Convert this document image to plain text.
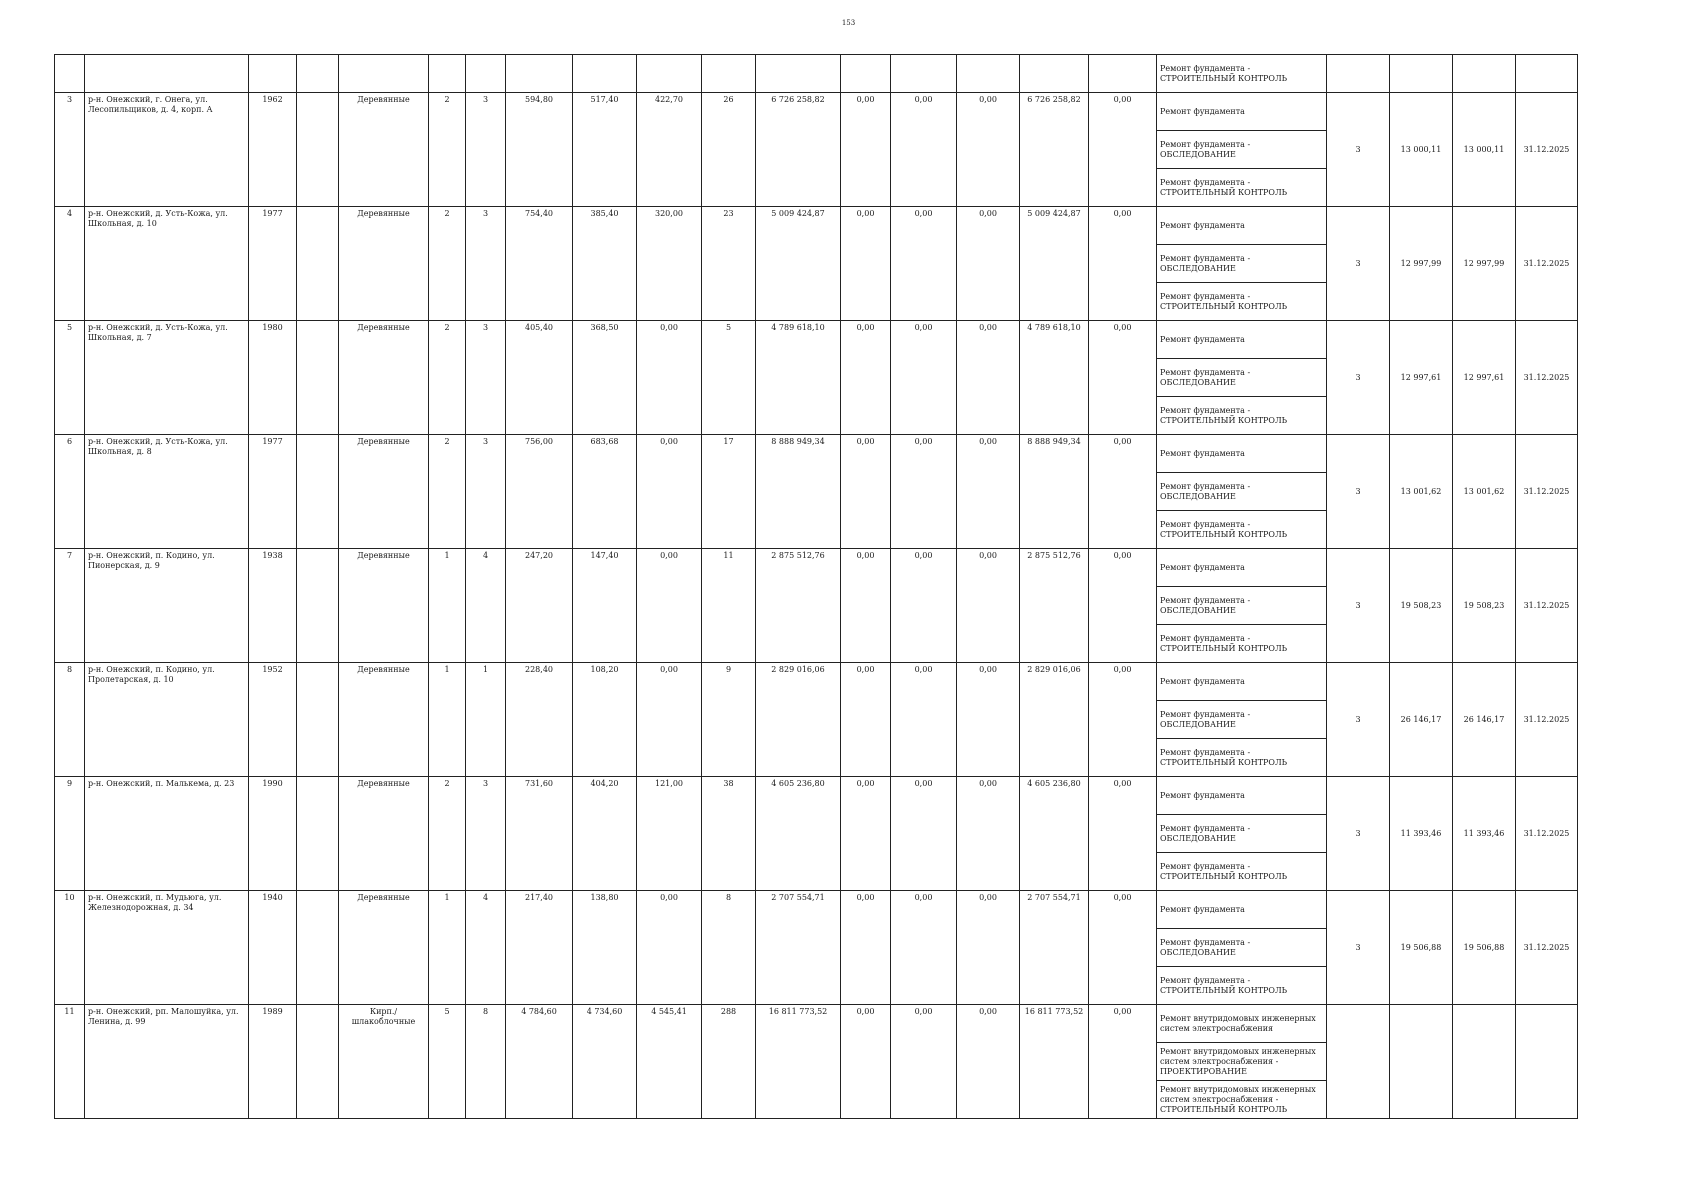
153
																	Ремонт фундамента - СТРОИТЕЛЬНЫЙ КОНТРОЛЬ				
3	р-н. Онежский, г. Онега, ул. Лесопильщиков, д. 4, корп. А	1962		Деревянные	2	3	594,80	517,40	422,70	26	6 726 258,82	0,00	0,00	0,00	6 726 258,82	0,00	Ремонт фундамента	3	13 000,11	13 000,11	31.12.2025
																	Ремонт фундамента - ОБСЛЕДОВАНИЕ				
																	Ремонт фундамента - СТРОИТЕЛЬНЫЙ КОНТРОЛЬ				
4	р-н. Онежский, д. Усть-Кожа, ул. Школьная, д. 10	1977		Деревянные	2	3	754,40	385,40	320,00	23	5 009 424,87	0,00	0,00	0,00	5 009 424,87	0,00	Ремонт фундамента	3	12 997,99	12 997,99	31.12.2025
																	Ремонт фундамента - ОБСЛЕДОВАНИЕ				
																	Ремонт фундамента - СТРОИТЕЛЬНЫЙ КОНТРОЛЬ				
5	р-н. Онежский, д. Усть-Кожа, ул. Школьная, д. 7	1980		Деревянные	2	3	405,40	368,50	0,00	5	4 789 618,10	0,00	0,00	0,00	4 789 618,10	0,00	Ремонт фундамента	3	12 997,61	12 997,61	31.12.2025
																	Ремонт фундамента - ОБСЛЕДОВАНИЕ				
																	Ремонт фундамента - СТРОИТЕЛЬНЫЙ КОНТРОЛЬ				
6	р-н. Онежский, д. Усть-Кожа, ул. Школьная, д. 8	1977		Деревянные	2	3	756,00	683,68	0,00	17	8 888 949,34	0,00	0,00	0,00	8 888 949,34	0,00	Ремонт фундамента	3	13 001,62	13 001,62	31.12.2025
																	Ремонт фундамента - ОБСЛЕДОВАНИЕ				
																	Ремонт фундамента - СТРОИТЕЛЬНЫЙ КОНТРОЛЬ				
7	р-н. Онежский, п. Кодино, ул. Пионерская, д. 9	1938		Деревянные	1	4	247,20	147,40	0,00	11	2 875 512,76	0,00	0,00	0,00	2 875 512,76	0,00	Ремонт фундамента	3	19 508,23	19 508,23	31.12.2025
																	Ремонт фундамента - ОБСЛЕДОВАНИЕ				
																	Ремонт фундамента - СТРОИТЕЛЬНЫЙ КОНТРОЛЬ				
8	р-н. Онежский, п. Кодино, ул. Пролетарская, д. 10	1952		Деревянные	1	1	228,40	108,20	0,00	9	2 829 016,06	0,00	0,00	0,00	2 829 016,06	0,00	Ремонт фундамента	3	26 146,17	26 146,17	31.12.2025
																	Ремонт фундамента - ОБСЛЕДОВАНИЕ				
																	Ремонт фундамента - СТРОИТЕЛЬНЫЙ КОНТРОЛЬ				
9	р-н. Онежский, п. Малькема, д. 23	1990		Деревянные	2	3	731,60	404,20	121,00	38	4 605 236,80	0,00	0,00	0,00	4 605 236,80	0,00	Ремонт фундамента	3	11 393,46	11 393,46	31.12.2025
																	Ремонт фундамента - ОБСЛЕДОВАНИЕ				
																	Ремонт фундамента - СТРОИТЕЛЬНЫЙ КОНТРОЛЬ				
10	р-н. Онежский, п. Мудьюга, ул. Железнодорожная, д. 34	1940		Деревянные	1	4	217,40	138,80	0,00	8	2 707 554,71	0,00	0,00	0,00	2 707 554,71	0,00	Ремонт фундамента	3	19 506,88	19 506,88	31.12.2025
																	Ремонт фундамента - ОБСЛЕДОВАНИЕ				
																	Ремонт фундамента - СТРОИТЕЛЬНЫЙ КОНТРОЛЬ				
11	р-н. Онежский, рп. Малошуйка, ул. Ленина, д. 99	1989		Кирп./ шлакоблочные	5	8	4 784,60	4 734,60	4 545,41	288	16 811 773,52	0,00	0,00	0,00	16 811 773,52	0,00	Ремонт внутридомовых инженерных систем электроснабжения				
																	Ремонт внутридомовых инженерных систем электроснабжения - ПРОЕКТИРОВАНИЕ				
																	Ремонт внутридомовых инженерных систем электроснабжения - СТРОИТЕЛЬНЫЙ КОНТРОЛЬ				
